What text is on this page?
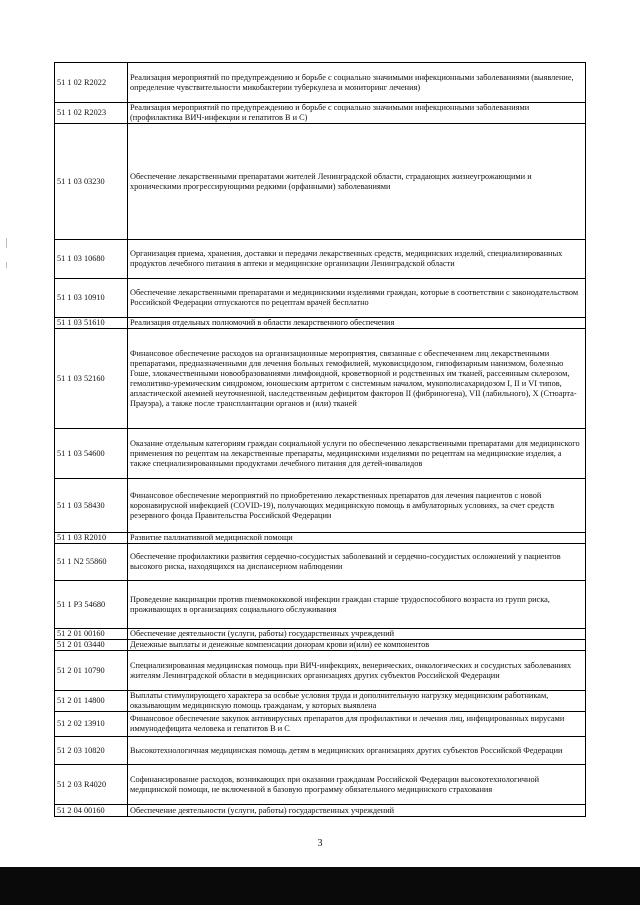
51 1 02 R2022	Реализация мероприятий по предупреждению и борьбе с социально значимыми инфекционными заболеваниями (выявление, определение чувствительности микобактерии туберкулеза и мониторинг лечения)
51 1 02 R2023	Реализация мероприятий по предупреждению и борьбе с социально значимыми инфекционными заболеваниями (профилактика ВИЧ-инфекции и гепатитов В и С)
51 1 03 03230	Обеспечение лекарственными препаратами жителей Ленинградской области, страдающих жизнеугрожающими и хроническими прогрессирующими редкими (орфанными) заболеваниями
51 1 03 10680	Организация приема, хранения, доставки и передачи лекарственных средств, медицинских изделий, специализированных продуктов лечебного питания в аптеки и медицинские организации Ленинградской области
51 1 03 10910	Обеспечение лекарственными препаратами и медицинскими изделиями граждан, которые в соответствии с законодательством Российской Федерации отпускаются по рецептам врачей бесплатно
51 1 03 51610	Реализация отдельных полномочий в области лекарственного обеспечения
51 1 03 52160	Финансовое обеспечение расходов на организационные мероприятия, связанные с обеспечением лиц лекарственными препаратами, предназначенными для лечения больных гемофилией, муковисцидозом, гипофизарным нанизмом, болезнью Гоше, злокачественными новообразованиями лимфоидной, кроветворной и родственных им тканей, рассеянным склерозом, гемолитико-уремическим синдромом, юношеским артритом с системным началом, мукополисахаридозом I, II и VI типов, апластической анемией неуточненной, наследственным дефицитом факторов II (фибриногена), VII (лабильного), X (Стюарта-Прауэра), а также после трансплантации органов и (или) тканей
51 1 03 54600	Оказание отдельным категориям граждан социальной услуги по обеспечению лекарственными препаратами для медицинского применения по рецептам на лекарственные препараты, медицинскими изделиями по рецептам на медицинские изделия, а также специализированными продуктами лечебного питания для детей-инвалидов
51 1 03 58430	Финансовое обеспечение мероприятий по приобретению лекарственных препаратов для лечения пациентов с новой коронавирусной инфекцией (COVID-19), получающих медицинскую помощь в амбулаторных условиях, за счет средств резервного фонда Правительства Российской Федерации
51 1 03 R2010	Развитие паллиативной медицинской помощи
51 1 N2 55860	Обеспечение профилактики развития сердечно-сосудистых заболеваний и сердечно-сосудистых осложнений у пациентов высокого риска, находящихся на диспансерном наблюдении
51 1 P3 54680	Проведение вакцинации против пневмококковой инфекции граждан старше трудоспособного возраста из групп риска, проживающих в организациях социального обслуживания
51 2 01 00160	Обеспечение деятельности (услуги, работы) государственных учреждений
51 2 01 03440	Денежные выплаты и денежные компенсации донорам крови и(или) ее компонентов
51 2 01 10790	Специализированная медицинская помощь при ВИЧ-инфекциях, венерических, онкологических и сосудистых заболеваниях жителям Ленинградской области в медицинских организациях других субъектов Российской Федерации
51 2 01 14800	Выплаты стимулирующего характера за особые условия труда и дополнительную нагрузку медицинским работникам, оказывающим медицинскую помощь гражданам, у которых выявлена
51 2 02 13910	Финансовое обеспечение закупок антивирусных препаратов для профилактики и лечения лиц, инфицированных вирусами иммунодефицита человека и гепатитов В и С
51 2 03 10820	Высокотехнологичная медицинская помощь детям в медицинских организациях других субъектов Российской Федерации
51 2 03 R4020	Софинансирование расходов, возникающих при оказании гражданам Российской Федерации высокотехнологичной медицинской помощи, не включенной в базовую программу обязательного медицинского страхования
51 2 04 00160	Обеспечение деятельности (услуги, работы) государственных учреждений
3
